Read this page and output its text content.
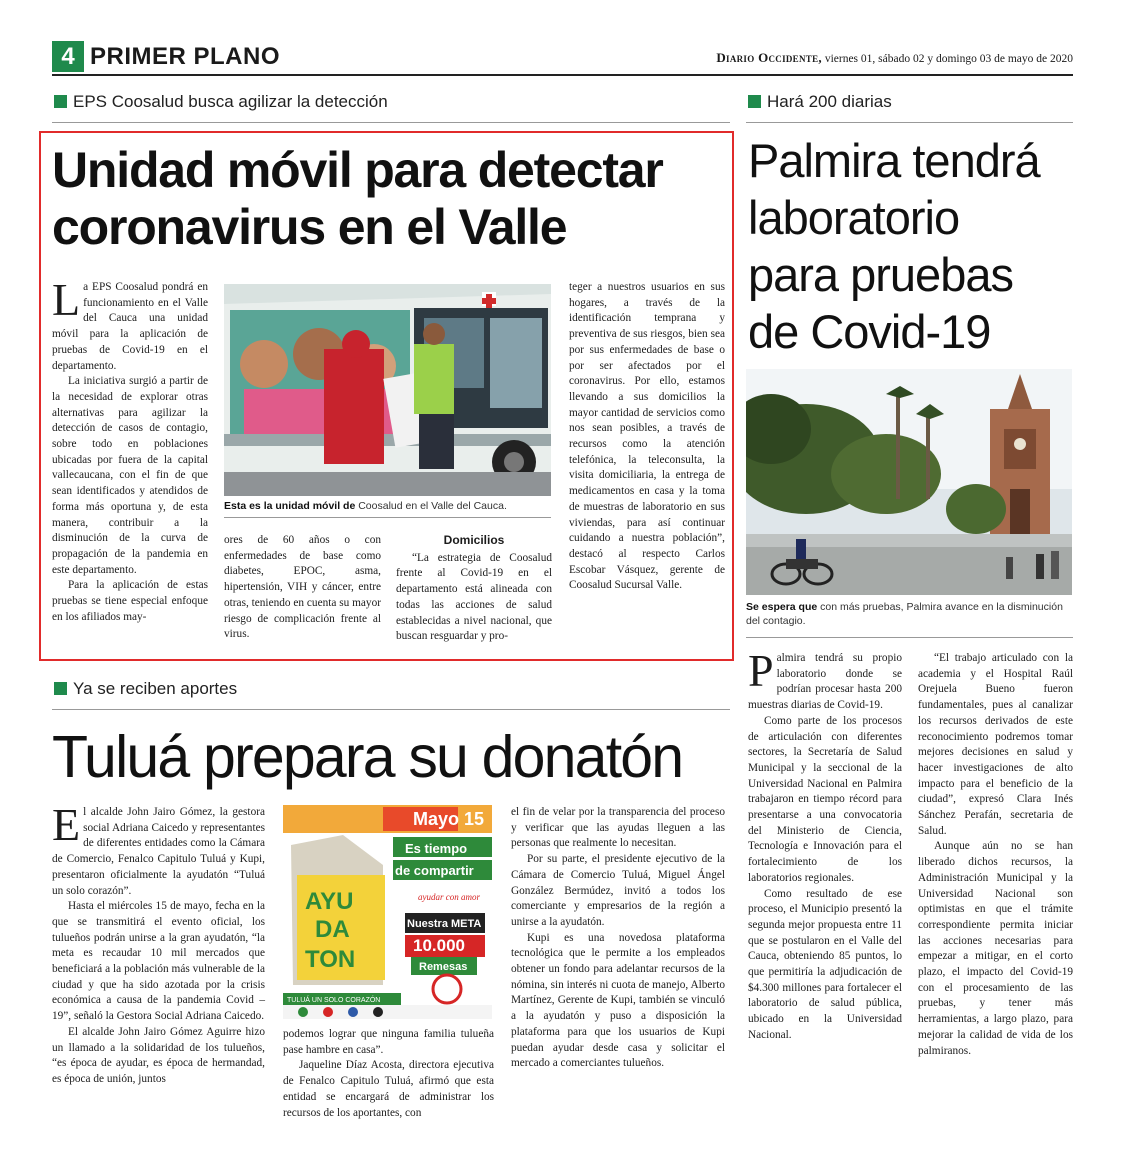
4 PRIMER PLANO	Diario Occidente, viernes 01, sábado 02 y domingo 03 de mayo de 2020
EPS Coosalud busca agilizar la detección
Unidad móvil para detectar
coronavirus en el Valle

La EPS Coosalud pondrá en funcionamiento en el Valle del Cauca una unidad móvil para la aplicación de pruebas de Covid-19 en el departamento.

La iniciativa surgió a partir de la necesidad de explorar otras alternativas para agilizar la detección de casos de contagio, sobre todo en poblaciones ubicadas por fuera de la capital vallecaucana, con el fin de que sean identificados y atendidos de forma más oportuna y, de esta manera, contribuir a la disminución de la curva de propagación de la pandemia en este departamento.

Para la aplicación de estas pruebas se tiene especial enfoque en los afiliados may-

Esta es la unidad móvil de Coosalud en el Valle del Cauca.

ores de 60 años o con enfermedades de base como diabetes, EPOC, asma, hipertensión, VIH y cáncer, entre otras, teniendo en cuenta su mayor riesgo de complicación frente al virus.

Domicilios

“La estrategia de Coosalud frente al Covid-19 en el departamento está alineada con todas las acciones de salud establecidas a nivel nacional, que buscan resguardar y pro-

teger a nuestros usuarios en sus hogares, a través de la identificación temprana y preventiva de sus riesgos, bien sea por sus enfermedades de base o por ser afectados por el coronavirus. Por ello, estamos llevando a sus domicilios la mayor cantidad de servicios como nos sean posibles, a través de recursos como la atención telefónica, la teleconsulta, la visita domiciliaria, la entrega de medicamentos en casa y la toma de muestras de laboratorio en sus viviendas, para así continuar cuidando a nuestra población”, destacó al respecto Carlos Escobar Vásquez, gerente de Coosalud Sucursal Valle.

Hará 200 diarias
Palmira tendrá
laboratorio
para pruebas
de Covid-19
Se espera que con más pruebas, Palmira avance en la disminución del contagio.

Palmira tendrá su propio laboratorio donde se podrían procesar hasta 200 muestras diarias de Covid-19.

Como parte de los procesos de articulación con diferentes sectores, la Secretaría de Salud Municipal y la seccional de la Universidad Nacional en Palmira trabajaron en tiempo récord para presentarse a una convocatoria del Ministerio de Ciencia, Tecnología e Innovación para el fortalecimiento de los laboratorios regionales.

Como resultado de ese proceso, el Municipio presentó la segunda mejor propuesta entre 11 que se postularon en el Valle del Cauca, obteniendo 85 puntos, lo que permitiría la adjudicación de $4.300 millones para fortalecer el laboratorio de salud pública, ubicado en la Universidad Nacional.

“El trabajo articulado con la academia y el Hospital Raúl Orejuela Bueno fueron fundamentales, pues al canalizar los recursos derivados de este reconocimiento podremos tomar mejores decisiones en salud y hacer investigaciones de alto impacto para el beneficio de la ciudad”, expresó Clara Inés Sánchez Perafán, secretaria de Salud.

Aunque aún no se han liberado dichos recursos, la Administración Municipal y la Universidad Nacional son optimistas en que el trámite correspondiente permita iniciar las acciones necesarias para empezar a mitigar, en el corto plazo, el impacto del Covid-19 con el procesamiento de las pruebas, y tener más herramientas, a largo plazo, para mejorar la calidad de vida de los palmiranos.

Ya se reciben aportes
Tuluá prepara su donatón

El alcalde John Jairo Gómez, la gestora social Adriana Caicedo y representantes de diferentes entidades como la Cámara de Comercio, Fenalco Capitulo Tuluá y Kupi, presentaron oficialmente la ayudatón “Tuluá un solo corazón”.

Hasta el miércoles 15 de mayo, fecha en la que se transmitirá el evento oficial, los tulueños podrán unirse a la gran ayudatón, “la meta es recaudar 10 mil mercados que beneficiará a la población más vulnerable de la ciudad y que ha sido azotada por la crisis económica a causa de la pandemia Covid – 19”, señaló la Gestora Social Adriana Caicedo.

El alcalde John Jairo Gómez Aguirre hizo un llamado a la solidaridad de los tulueños, “es época de ayudar, es época de hermandad, es época de unión, juntos

Mayo 15
Es tiempo
de compartir
ayudar con amor
AYU
DA
TON
Nuestra META
10.000
Remesas
TULUÁ UN SOLO CORAZÓN

podemos lograr que ninguna familia tulueña pase hambre en casa”.

Jaqueline Díaz Acosta, directora ejecutiva de Fenalco Capitulo Tuluá, afirmó que esta entidad se encargará de administrar los recursos de los aportantes, con

el fin de velar por la transparencia del proceso y verificar que las ayudas lleguen a las personas que realmente lo necesitan.

Por su parte, el presidente ejecutivo de la Cámara de Comercio Tuluá, Miguel Ángel González Bermúdez, invitó a todos los comerciante y empresarios de la región a unirse a la ayudatón.

Kupi es una novedosa plataforma tecnológica que le permite a los empleados obtener un fondo para adelantar recursos de la nómina, sin interés ni cuota de manejo, Alberto Martínez, Gerente de Kupi, también se vinculó a la ayudatón y puso a disposición la plataforma para que los usuarios de Kupi puedan ayudar desde casa y solicitar el mercado a comerciantes tulueños.
